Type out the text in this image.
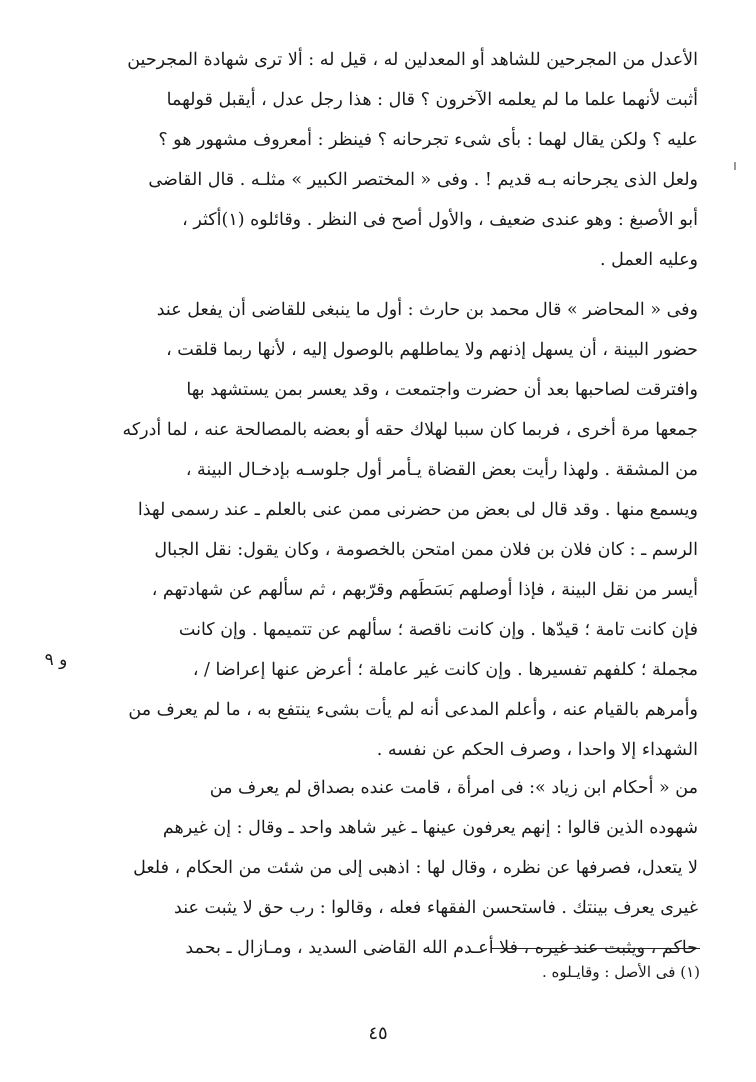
الأعدل من المجرحين للشاهد أو المعدلين له ، قيل له : ألا ترى شهادة المجرحين
أثبت لأنهما علما ما لم يعلمه الآخرون ؟ قال : هذا رجل عدل ، أيقبل قولهما
عليه ؟ ولكن يقال لهما : بأى شىء تجرحانه ؟ فينظر : أمعروف مشهور هو ؟
ولعل الذى يجرحانه بـه قديم ! . وفى « المختصر الكبير » مثلـه . قال القاضى
أبو الأصبغ : وهو عندى ضعيف ، والأول أصح فى النظر . وقائلوه (١)أكثر ،
وعليه العمل .
وفى « المحاضر » قال محمد بن حارث : أول ما ينبغى للقاضى أن يفعل عند
حضور البينة ، أن يسهل إذنهم ولا يماطلهم بالوصول إليه ، لأنها ربما قلقت ،
وافترقت لصاحبها بعد أن حضرت واجتمعت ، وقد يعسر بمن يستشهد بها
جمعها مرة أخرى ، فربما كان سببا لهلاك حقه أو بعضه بالمصالحة عنه ، لما أدركه
من المشقة . ولهذا رأيت بعض القضاة يـأمر أول جلوسـه بإدخـال البينة ،
ويسمع منها . وقد قال لى بعض من حضرنى ممن عنى بالعلم ـ عند رسمى لهذا
الرسم ـ : كان فلان بن فلان ممن امتحن بالخصومة ، وكان يقول: نقل الجبال
أيسر من نقل البينة ، فإذا أوصلهم بَسَطَهم وقرّبهم ، ثم سألهم عن شهادتهم ،
فإن كانت تامة ؛ قيدّها . وإن كانت ناقصة ؛ سألهم عن تتميمها . وإن كانت
مجملة ؛ كلفهم تفسيرها . وإن كانت غير عاملة ؛ أعرض عنها إعراضا / ،
وأمرهم بالقيام عنه ، وأعلم المدعى أنه لم يأت بشىء ينتفع به ، ما لم يعرف من
الشهداء إلا واحدا ، وصرف الحكم عن نفسه .
و ٩
من « أحكام ابن زياد »: فى امرأة ، قامت عنده بصداق لم يعرف من
شهوده الذين قالوا : إنهم يعرفون عينها ـ غير شاهد واحد ـ وقال : إن غيرهم
لا يتعدل، فصرفها عن نظره ، وقال لها : اذهبى إلى من شئت من الحكام ، فلعل
غيرى يعرف بينتك . فاستحسن الفقهاء فعله ، وقالوا : رب حق لا يثبت عند
حاكم ، ويثبت عند غيره ، فلا أعـدم الله القاضى السديد ، ومـازال ـ بحمد
(١) فى الأصل : وقايـلوه .
٤٥
